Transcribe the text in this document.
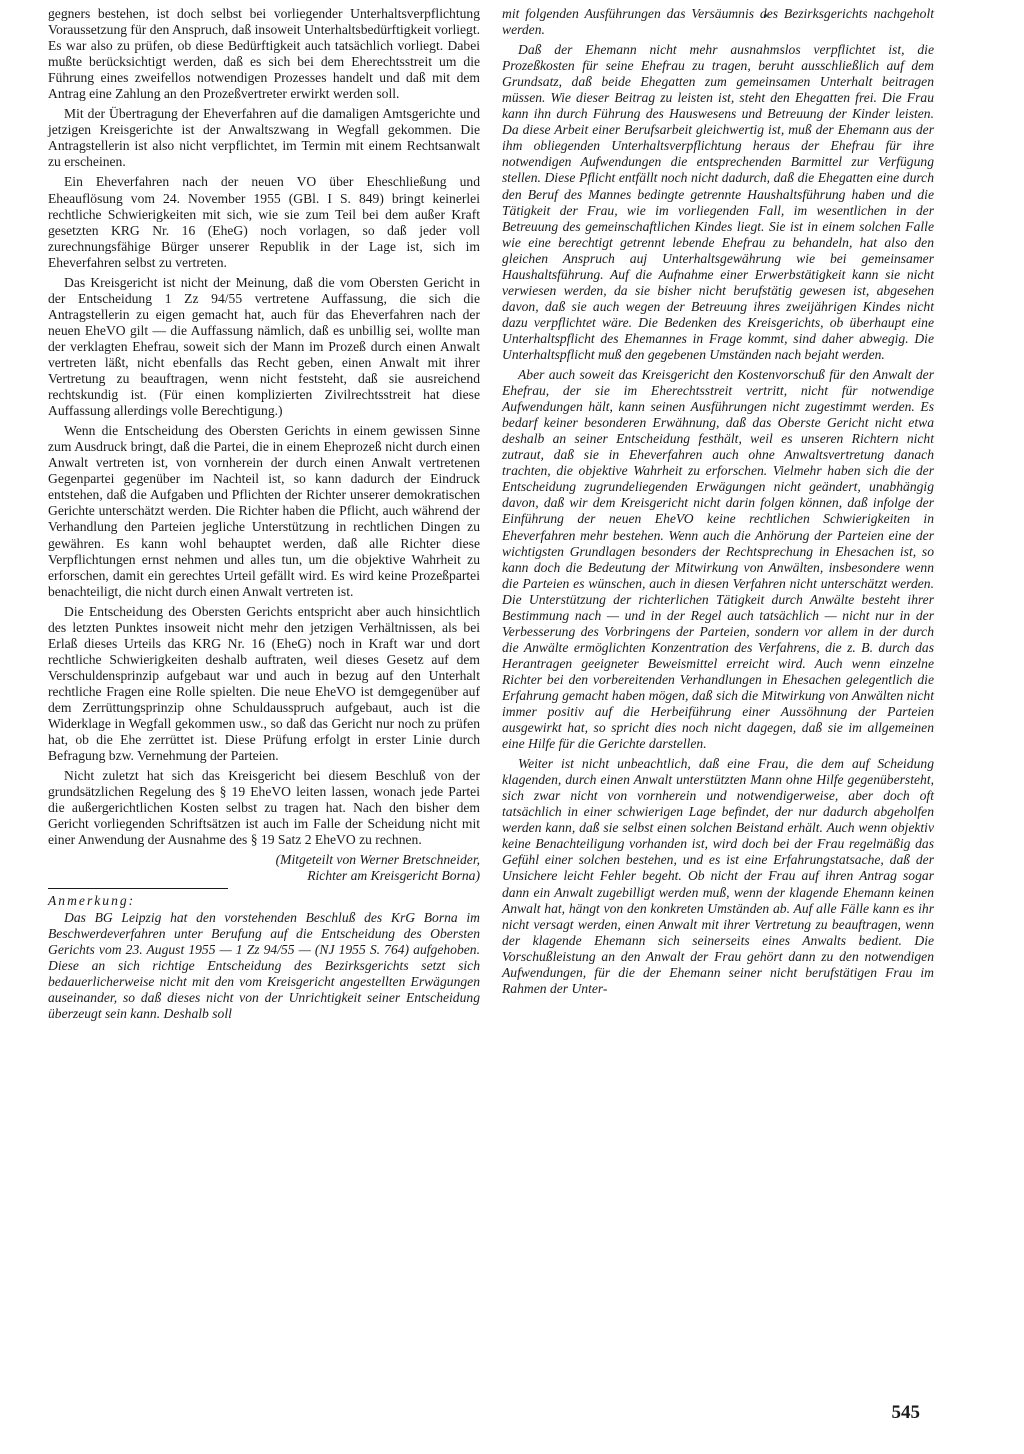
gegners bestehen, ist doch selbst bei vorliegender Unterhaltsverpflichtung Voraussetzung für den Anspruch, daß insoweit Unterhaltsbedürftigkeit vorliegt. Es war also zu prüfen, ob diese Bedürftigkeit auch tatsächlich vorliegt. Dabei mußte berücksichtigt werden, daß es sich bei dem Eherechtsstreit um die Führung eines zweifellos notwendigen Prozesses handelt und daß mit dem Antrag eine Zahlung an den Prozeßvertreter erwirkt werden soll.

Mit der Übertragung der Eheverfahren auf die damaligen Amtsgerichte und jetzigen Kreisgerichte ist der Anwaltszwang in Wegfall gekommen. Die Antragstellerin ist also nicht verpflichtet, im Termin mit einem Rechtsanwalt zu erscheinen.

Ein Eheverfahren nach der neuen VO über Eheschließung und Eheauflösung vom 24. November 1955 (GBl. I S. 849) bringt keinerlei rechtliche Schwierigkeiten mit sich, wie sie zum Teil bei dem außer Kraft gesetzten KRG Nr. 16 (EheG) noch vorlagen, so daß jeder voll zurechnungsfähige Bürger unserer Republik in der Lage ist, sich im Eheverfahren selbst zu vertreten.

Das Kreisgericht ist nicht der Meinung, daß die vom Obersten Gericht in der Entscheidung 1 Zz 94/55 vertretene Auffassung, die sich die Antragstellerin zu eigen gemacht hat, auch für das Eheverfahren nach der neuen EheVO gilt — die Auffassung nämlich, daß es unbillig sei, wollte man der verklagten Ehefrau, soweit sich der Mann im Prozeß durch einen Anwalt vertreten läßt, nicht ebenfalls das Recht geben, einen Anwalt mit ihrer Vertretung zu beauftragen, wenn nicht feststeht, daß sie ausreichend rechtskundig ist. (Für einen komplizierten Zivilrechtsstreit hat diese Auffassung allerdings volle Berechtigung.)

Wenn die Entscheidung des Obersten Gerichts in einem gewissen Sinne zum Ausdruck bringt, daß die Partei, die in einem Eheprozeß nicht durch einen Anwalt vertreten ist, von vornherein der durch einen Anwalt vertretenen Gegenpartei gegenüber im Nachteil ist, so kann dadurch der Eindruck entstehen, daß die Aufgaben und Pflichten der Richter unserer demokratischen Gerichte unterschätzt werden. Die Richter haben die Pflicht, auch während der Verhandlung den Parteien jegliche Unterstützung in rechtlichen Dingen zu gewähren. Es kann wohl behauptet werden, daß alle Richter diese Verpflichtungen ernst nehmen und alles tun, um die objektive Wahrheit zu erforschen, damit ein gerechtes Urteil gefällt wird. Es wird keine Prozeßpartei benachteiligt, die nicht durch einen Anwalt vertreten ist.

Die Entscheidung des Obersten Gerichts entspricht aber auch hinsichtlich des letzten Punktes insoweit nicht mehr den jetzigen Verhältnissen, als bei Erlaß dieses Urteils das KRG Nr. 16 (EheG) noch in Kraft war und dort rechtliche Schwierigkeiten deshalb auftraten, weil dieses Gesetz auf dem Verschuldensprinzip aufgebaut war und auch in bezug auf den Unterhalt rechtliche Fragen eine Rolle spielten. Die neue EheVO ist demgegenüber auf dem Zerrüttungsprinzip ohne Schuldausspruch aufgebaut, auch ist die Widerklage in Wegfall gekommen usw., so daß das Gericht nur noch zu prüfen hat, ob die Ehe zerrüttet ist. Diese Prüfung erfolgt in erster Linie durch Befragung bzw. Vernehmung der Parteien.

Nicht zuletzt hat sich das Kreisgericht bei diesem Beschluß von der grundsätzlichen Regelung des § 19 EheVO leiten lassen, wonach jede Partei die außergerichtlichen Kosten selbst zu tragen hat. Nach den bisher dem Gericht vorliegenden Schriftsätzen ist auch im Falle der Scheidung nicht mit einer Anwendung der Ausnahme des § 19 Satz 2 EheVO zu rechnen.

(Mitgeteilt von Werner Bretschneider,
Richter am Kreisgericht Borna)

Anmerkung:

Das BG Leipzig hat den vorstehenden Beschluß des KrG Borna im Beschwerdeverfahren unter Berufung auf die Entscheidung des Obersten Gerichts vom 23. August 1955 — 1 Zz 94/55 — (NJ 1955 S. 764) aufgehoben. Diese an sich richtige Entscheidung des Bezirksgerichts setzt sich bedauerlicherweise nicht mit den vom Kreisgericht angestellten Erwägungen auseinander, so daß dieses nicht von der Unrichtigkeit seiner Entscheidung überzeugt sein kann. Deshalb soll

mit folgenden Ausführungen das Versäumnis des Bezirksgerichts nachgeholt werden.

Daß der Ehemann nicht mehr ausnahmslos verpflichtet ist, die Prozeßkosten für seine Ehefrau zu tragen, beruht ausschließlich auf dem Grundsatz, daß beide Ehegatten zum gemeinsamen Unterhalt beitragen müssen. Wie dieser Beitrag zu leisten ist, steht den Ehegatten frei. Die Frau kann ihn durch Führung des Hauswesens und Betreuung der Kinder leisten. Da diese Arbeit einer Berufsarbeit gleichwertig ist, muß der Ehemann aus der ihm obliegenden Unterhaltsverpflichtung heraus der Ehefrau für ihre notwendigen Aufwendungen die entsprechenden Barmittel zur Verfügung stellen. Diese Pflicht entfällt noch nicht dadurch, daß die Ehegatten eine durch den Beruf des Mannes bedingte getrennte Haushaltsführung haben und die Tätigkeit der Frau, wie im vorliegenden Fall, im wesentlichen in der Betreuung des gemeinschaftlichen Kindes liegt. Sie ist in einem solchen Falle wie eine berechtigt getrennt lebende Ehefrau zu behandeln, hat also den gleichen Anspruch auj Unterhaltsgewährung wie bei gemeinsamer Haushaltsführung. Auf die Aufnahme einer Erwerbstätigkeit kann sie nicht verwiesen werden, da sie bisher nicht berufstätig gewesen ist, abgesehen davon, daß sie auch wegen der Betreuung ihres zweijährigen Kindes nicht dazu verpflichtet wäre. Die Bedenken des Kreisgerichts, ob überhaupt eine Unterhaltspflicht des Ehemannes in Frage kommt, sind daher abwegig. Die Unterhaltspflicht muß den gegebenen Umständen nach bejaht werden.

Aber auch soweit das Kreisgericht den Kostenvorschuß für den Anwalt der Ehefrau, der sie im Eherechtsstreit vertritt, nicht für notwendige Aufwendungen hält, kann seinen Ausführungen nicht zugestimmt werden. Es bedarf keiner besonderen Erwähnung, daß das Oberste Gericht nicht etwa deshalb an seiner Entscheidung festhält, weil es unseren Richtern nicht zutraut, daß sie in Eheverfahren auch ohne Anwaltsvertretung danach trachten, die objektive Wahrheit zu erforschen. Vielmehr haben sich die der Entscheidung zugrundeliegenden Erwägungen nicht geändert, unabhängig davon, daß wir dem Kreisgericht nicht darin folgen können, daß infolge der Einführung der neuen EheVO keine rechtlichen Schwierigkeiten in Eheverfahren mehr bestehen. Wenn auch die Anhörung der Parteien eine der wichtigsten Grundlagen besonders der Rechtsprechung in Ehesachen ist, so kann doch die Bedeutung der Mitwirkung von Anwälten, insbesondere wenn die Parteien es wünschen, auch in diesen Verfahren nicht unterschätzt werden. Die Unterstützung der richterlichen Tätigkeit durch Anwälte besteht ihrer Bestimmung nach — und in der Regel auch tatsächlich — nicht nur in der Verbesserung des Vorbringens der Parteien, sondern vor allem in der durch die Anwälte ermöglichten Konzentration des Verfahrens, die z. B. durch das Herantragen geeigneter Beweismittel erreicht wird. Auch wenn einzelne Richter bei den vorbereitenden Verhandlungen in Ehesachen gelegentlich die Erfahrung gemacht haben mögen, daß sich die Mitwirkung von Anwälten nicht immer positiv auf die Herbeiführung einer Aussöhnung der Parteien ausgewirkt hat, so spricht dies noch nicht dagegen, daß sie im allgemeinen eine Hilfe für die Gerichte darstellen.

Weiter ist nicht unbeachtlich, daß eine Frau, die dem auf Scheidung klagenden, durch einen Anwalt unterstützten Mann ohne Hilfe gegenübersteht, sich zwar nicht von vornherein und notwendigerweise, aber doch oft tatsächlich in einer schwierigen Lage befindet, der nur dadurch abgeholfen werden kann, daß sie selbst einen solchen Beistand erhält. Auch wenn objektiv keine Benachteiligung vorhanden ist, wird doch bei der Frau regelmäßig das Gefühl einer solchen bestehen, und es ist eine Erfahrungstatsache, daß der Unsichere leicht Fehler begeht. Ob nicht der Frau auf ihren Antrag sogar dann ein Anwalt zugebilligt werden muß, wenn der klagende Ehemann keinen Anwalt hat, hängt von den konkreten Umständen ab. Auf alle Fälle kann es ihr nicht versagt werden, einen Anwalt mit ihrer Vertretung zu beauftragen, wenn der klagende Ehemann sich seinerseits eines Anwalts bedient. Die Vorschußleistung an den Anwalt der Frau gehört dann zu den notwendigen Aufwendungen, für die der Ehemann seiner nicht berufstätigen Frau im Rahmen der Unter-

545
